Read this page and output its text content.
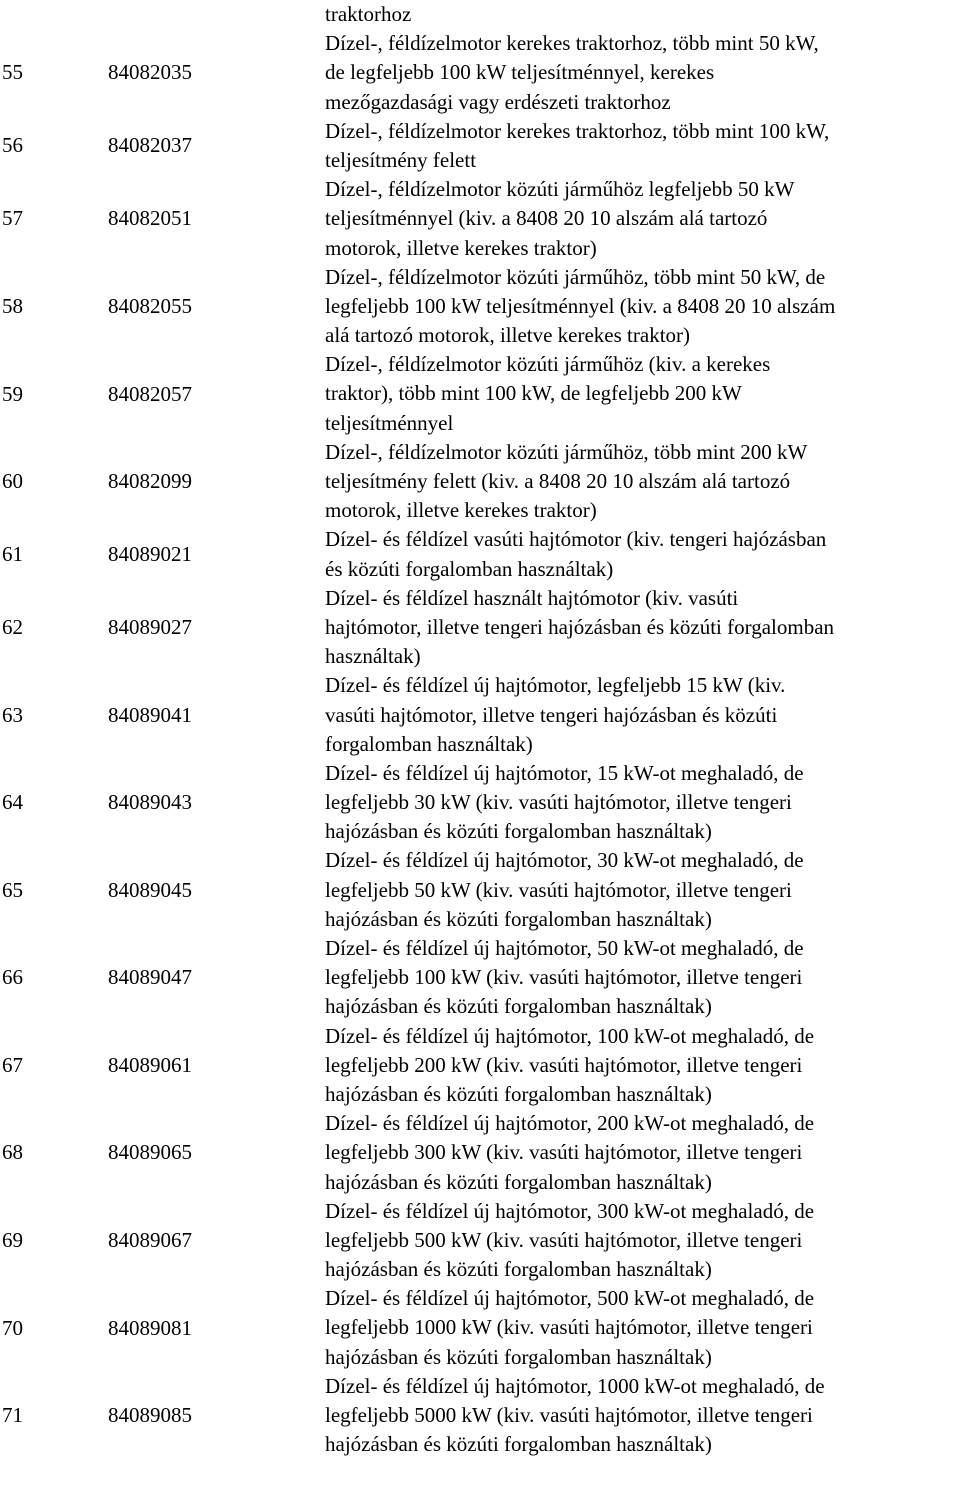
traktorhoz
55	84082035
Dízel-, féldízelmotor kerekes traktorhoz, több mint 50 kW,
de legfeljebb 100 kW teljesítménnyel, kerekes
mezőgazdasági vagy erdészeti traktorhoz
56	84082037
Dízel-, féldízelmotor kerekes traktorhoz, több mint 100 kW,
teljesítmény felett
57	84082051
Dízel-, féldízelmotor közúti járműhöz legfeljebb 50 kW
teljesítménnyel (kiv. a 8408 20 10 alszám alá tartozó
motorok, illetve kerekes traktor)
58	84082055
Dízel-, féldízelmotor közúti járműhöz, több mint 50 kW, de
legfeljebb 100 kW teljesítménnyel (kiv. a 8408 20 10 alszám
alá tartozó motorok, illetve kerekes traktor)
59	84082057
Dízel-, féldízelmotor közúti járműhöz (kiv. a kerekes
traktor), több mint 100 kW, de legfeljebb 200 kW
teljesítménnyel
60	84082099
Dízel-, féldízelmotor közúti járműhöz, több mint 200 kW
teljesítmény felett (kiv. a 8408 20 10 alszám alá tartozó
motorok, illetve kerekes traktor)
61	84089021
Dízel- és féldízel vasúti hajtómotor (kiv. tengeri hajózásban
és közúti forgalomban használtak)
62	84089027
Dízel- és féldízel használt hajtómotor (kiv. vasúti
hajtómotor, illetve tengeri hajózásban és közúti forgalomban
használtak)
63	84089041
Dízel- és féldízel új hajtómotor, legfeljebb 15 kW (kiv.
vasúti hajtómotor, illetve tengeri hajózásban és közúti
forgalomban használtak)
64	84089043
Dízel- és féldízel új hajtómotor, 15 kW-ot meghaladó, de
legfeljebb 30 kW (kiv. vasúti hajtómotor, illetve tengeri
hajózásban és közúti forgalomban használtak)
65	84089045
Dízel- és féldízel új hajtómotor, 30 kW-ot meghaladó, de
legfeljebb 50 kW (kiv. vasúti hajtómotor, illetve tengeri
hajózásban és közúti forgalomban használtak)
66	84089047
Dízel- és féldízel új hajtómotor, 50 kW-ot meghaladó, de
legfeljebb 100 kW (kiv. vasúti hajtómotor, illetve tengeri
hajózásban és közúti forgalomban használtak)
67	84089061
Dízel- és féldízel új hajtómotor, 100 kW-ot meghaladó, de
legfeljebb 200 kW (kiv. vasúti hajtómotor, illetve tengeri
hajózásban és közúti forgalomban használtak)
68	84089065
Dízel- és féldízel új hajtómotor, 200 kW-ot meghaladó, de
legfeljebb 300 kW (kiv. vasúti hajtómotor, illetve tengeri
hajózásban és közúti forgalomban használtak)
69	84089067
Dízel- és féldízel új hajtómotor, 300 kW-ot meghaladó, de
legfeljebb 500 kW (kiv. vasúti hajtómotor, illetve tengeri
hajózásban és közúti forgalomban használtak)
70	84089081
Dízel- és féldízel új hajtómotor, 500 kW-ot meghaladó, de
legfeljebb 1000 kW (kiv. vasúti hajtómotor, illetve tengeri
hajózásban és közúti forgalomban használtak)
71	84089085
Dízel- és féldízel új hajtómotor, 1000 kW-ot meghaladó, de
legfeljebb 5000 kW (kiv. vasúti hajtómotor, illetve tengeri
hajózásban és közúti forgalomban használtak)
